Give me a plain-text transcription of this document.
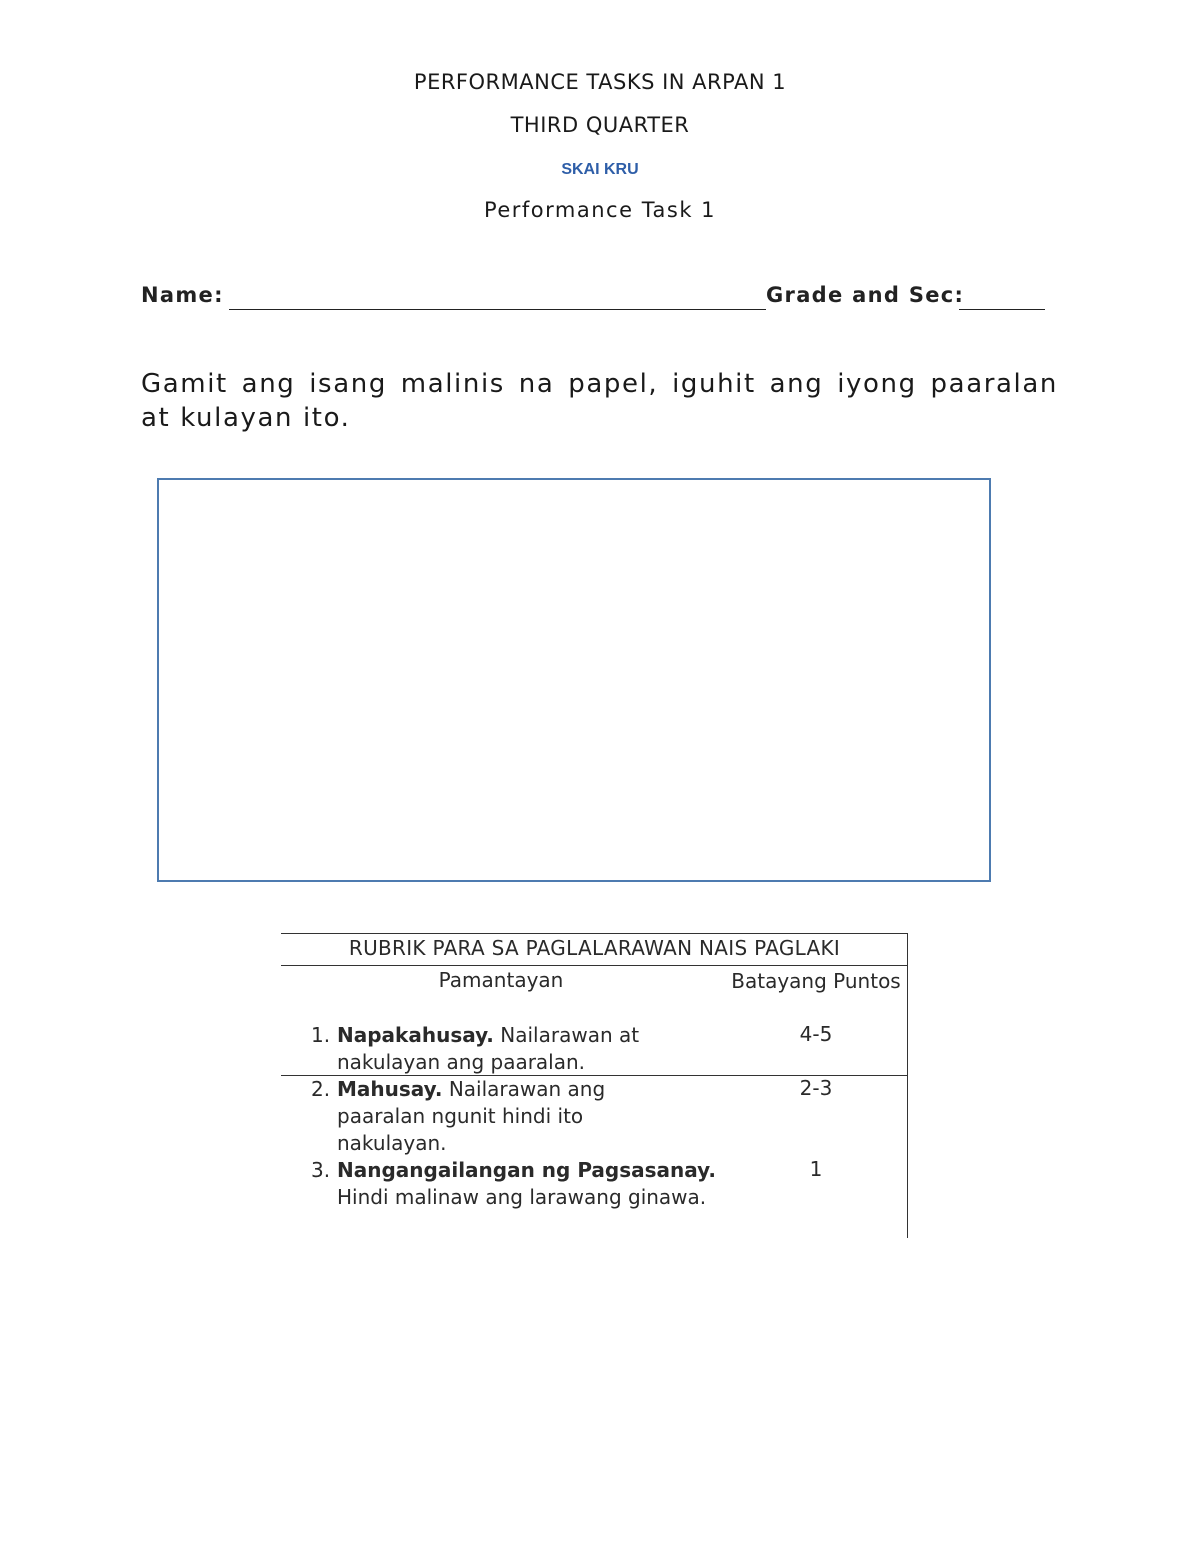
PERFORMANCE TASKS IN ARPAN 1
THIRD QUARTER
SKAI KRU
Performance Task 1
Name:	Grade and Sec:
Gamit ang isang malinis na papel, iguhit ang iyong paaralan at kulayan ito.
RUBRIK PARA SA PAGLALARAWAN NAIS PAGLAKI
Pamantayan	Batayang Puntos
1. Napakahusay. Nailarawan at nakulayan ang paaralan.
4-5
2. Mahusay. Nailarawan ang paaralan ngunit hindi ito nakulayan.
2-3
3. Nangangailangan ng Pagsasanay. Hindi malinaw ang larawang ginawa.
1
